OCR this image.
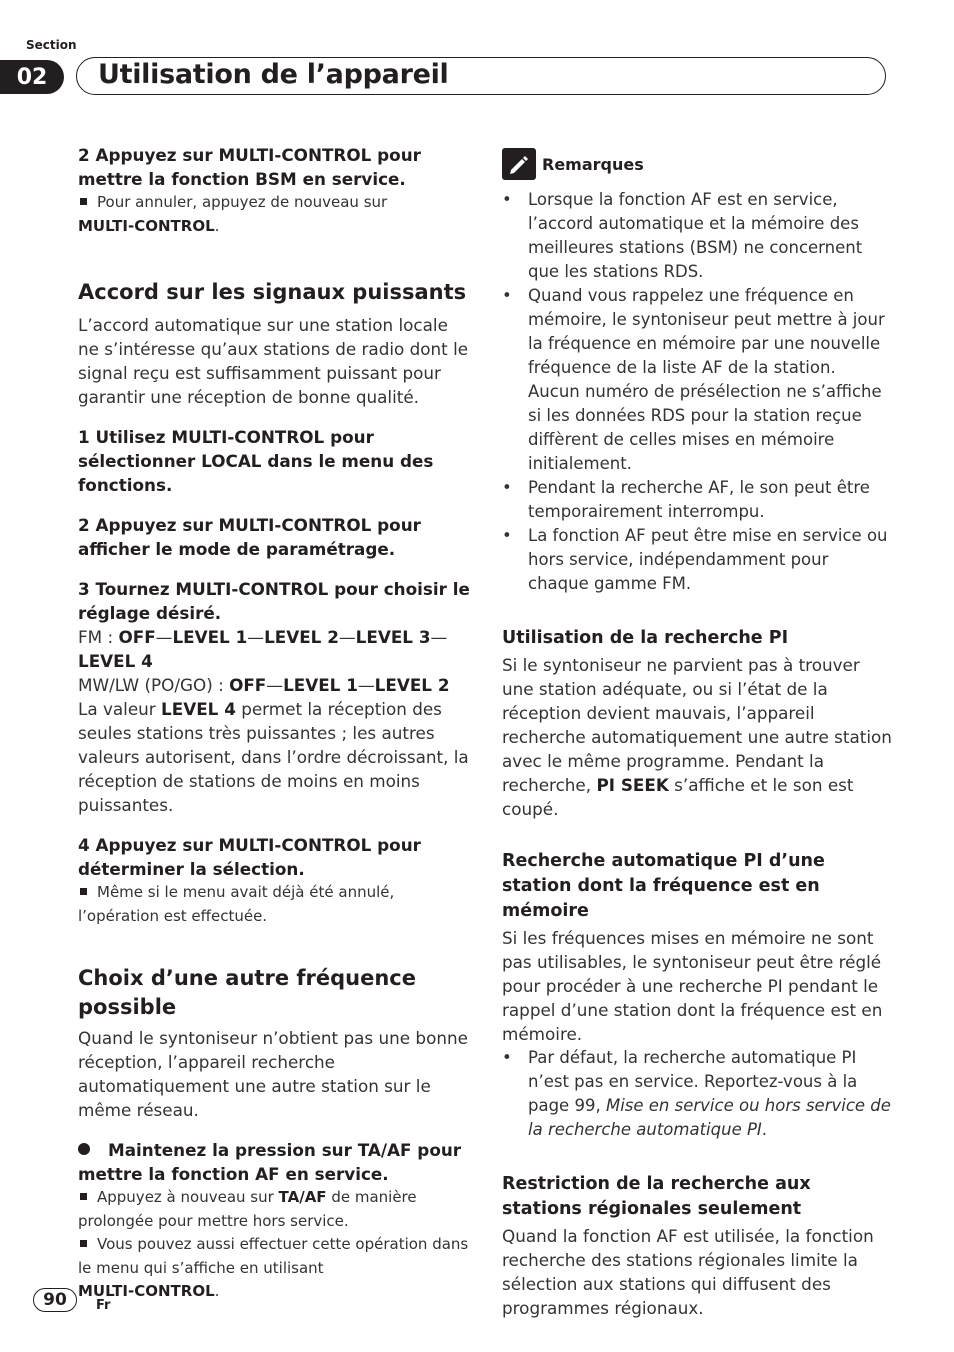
Section
02	Utilisation de l’appareil

2 Appuyez sur MULTI-CONTROL pour mettre la fonction BSM en service.

Pour annuler, appuyez de nouveau sur
MULTI-CONTROL.

Accord sur les signaux puissants

L’accord automatique sur une station locale ne s’intéresse qu’aux stations de radio dont le signal reçu est suffisamment puissant pour garantir une réception de bonne qualité.

1 Utilisez MULTI-CONTROL pour sélectionner LOCAL dans le menu des fonctions.

2 Appuyez sur MULTI-CONTROL pour afficher le mode de paramétrage.

3 Tournez MULTI-CONTROL pour choisir le réglage désiré.

FM : OFF—LEVEL 1—LEVEL 2—LEVEL 3—
LEVEL 4

MW/LW (PO/GO) : OFF—LEVEL 1—LEVEL 2

La valeur LEVEL 4 permet la réception des seules stations très puissantes ; les autres valeurs autorisent, dans l’ordre décroissant, la réception de stations de moins en moins puissantes.

4 Appuyez sur MULTI-CONTROL pour déterminer la sélection.

Même si le menu avait déjà été annulé, l’opération est effectuée.

Choix d’une autre fréquence possible

Quand le syntoniseur n’obtient pas une bonne réception, l’appareil recherche automatiquement une autre station sur le même réseau.

Maintenez la pression sur TA/AF pour mettre la fonction AF en service.

Appuyez à nouveau sur TA/AF de manière prolongée pour mettre hors service.

Vous pouvez aussi effectuer cette opération dans le menu qui s’affiche en utilisant
MULTI-CONTROL.

Remarques
• Lorsque la fonction AF est en service, l’accord automatique et la mémoire des meilleures stations (BSM) ne concernent que les stations RDS.
• Quand vous rappelez une fréquence en mémoire, le syntoniseur peut mettre à jour la fréquence en mémoire par une nouvelle fréquence de la liste AF de la station. Aucun numéro de présélection ne s’affiche si les données RDS pour la station reçue diffèrent de celles mises en mémoire initialement.
• Pendant la recherche AF, le son peut être temporairement interrompu.
• La fonction AF peut être mise en service ou hors service, indépendamment pour chaque gamme FM.

Utilisation de la recherche PI

Si le syntoniseur ne parvient pas à trouver une station adéquate, ou si l’état de la réception devient mauvais, l’appareil recherche automatiquement une autre station avec le même programme. Pendant la recherche, PI SEEK s’affiche et le son est coupé.

Recherche automatique PI d’une station dont la fréquence est en mémoire

Si les fréquences mises en mémoire ne sont pas utilisables, le syntoniseur peut être réglé pour procéder à une recherche PI pendant le rappel d’une station dont la fréquence est en mémoire.

• Par défaut, la recherche automatique PI n’est pas en service. Reportez-vous à la page 99, Mise en service ou hors service de la recherche automatique PI.

Restriction de la recherche aux stations régionales seulement

Quand la fonction AF est utilisée, la fonction recherche des stations régionales limite la sélection aux stations qui diffusent des programmes régionaux.

90	Fr
